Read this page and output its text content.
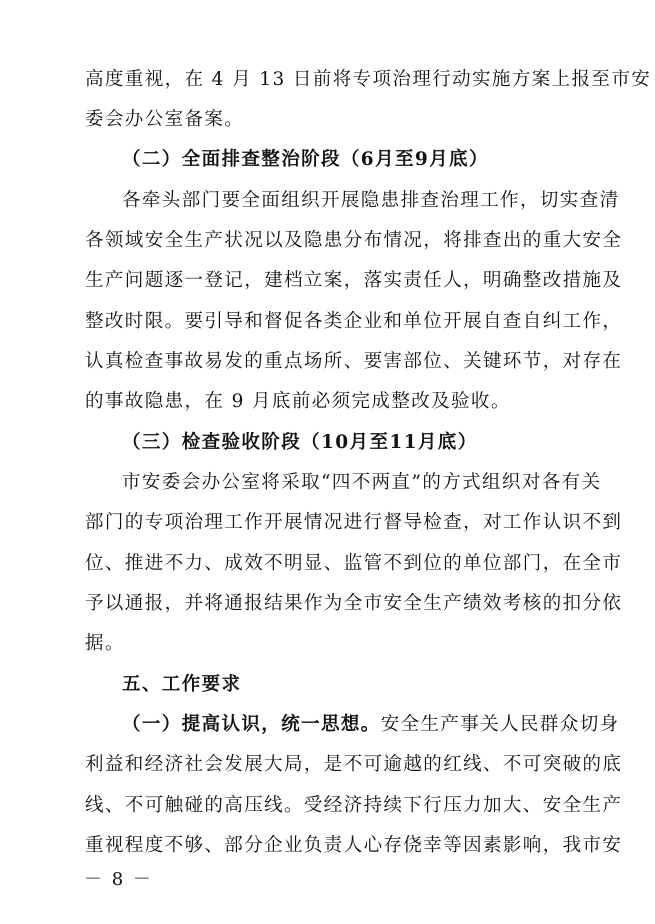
高度重视，在 4 月 13 日前将专项治理行动实施方案上报至市安
委会办公室备案。
（二）全面排查整治阶段（6月至9月底）
各牵头部门要全面组织开展隐患排查治理工作，切实查清
各领域安全生产状况以及隐患分布情况，将排查出的重大安全
生产问题逐一登记，建档立案，落实责任人，明确整改措施及
整改时限。要引导和督促各类企业和单位开展自查自纠工作，
认真检查事故易发的重点场所、要害部位、关键环节，对存在
的事故隐患，在 9 月底前必须完成整改及验收。
（三）检查验收阶段（10月至11月底）
市安委会办公室将采取“四不两直”的方式组织对各有关
部门的专项治理工作开展情况进行督导检查，对工作认识不到
位、推进不力、成效不明显、监管不到位的单位部门，在全市
予以通报，并将通报结果作为全市安全生产绩效考核的扣分依
据。
五、工作要求
（一）提高认识，统一思想。安全生产事关人民群众切身
利益和经济社会发展大局，是不可逾越的红线、不可突破的底
线、不可触碰的高压线。受经济持续下行压力加大、安全生产
重视程度不够、部分企业负责人心存侥幸等因素影响，我市安
－ 8 －
